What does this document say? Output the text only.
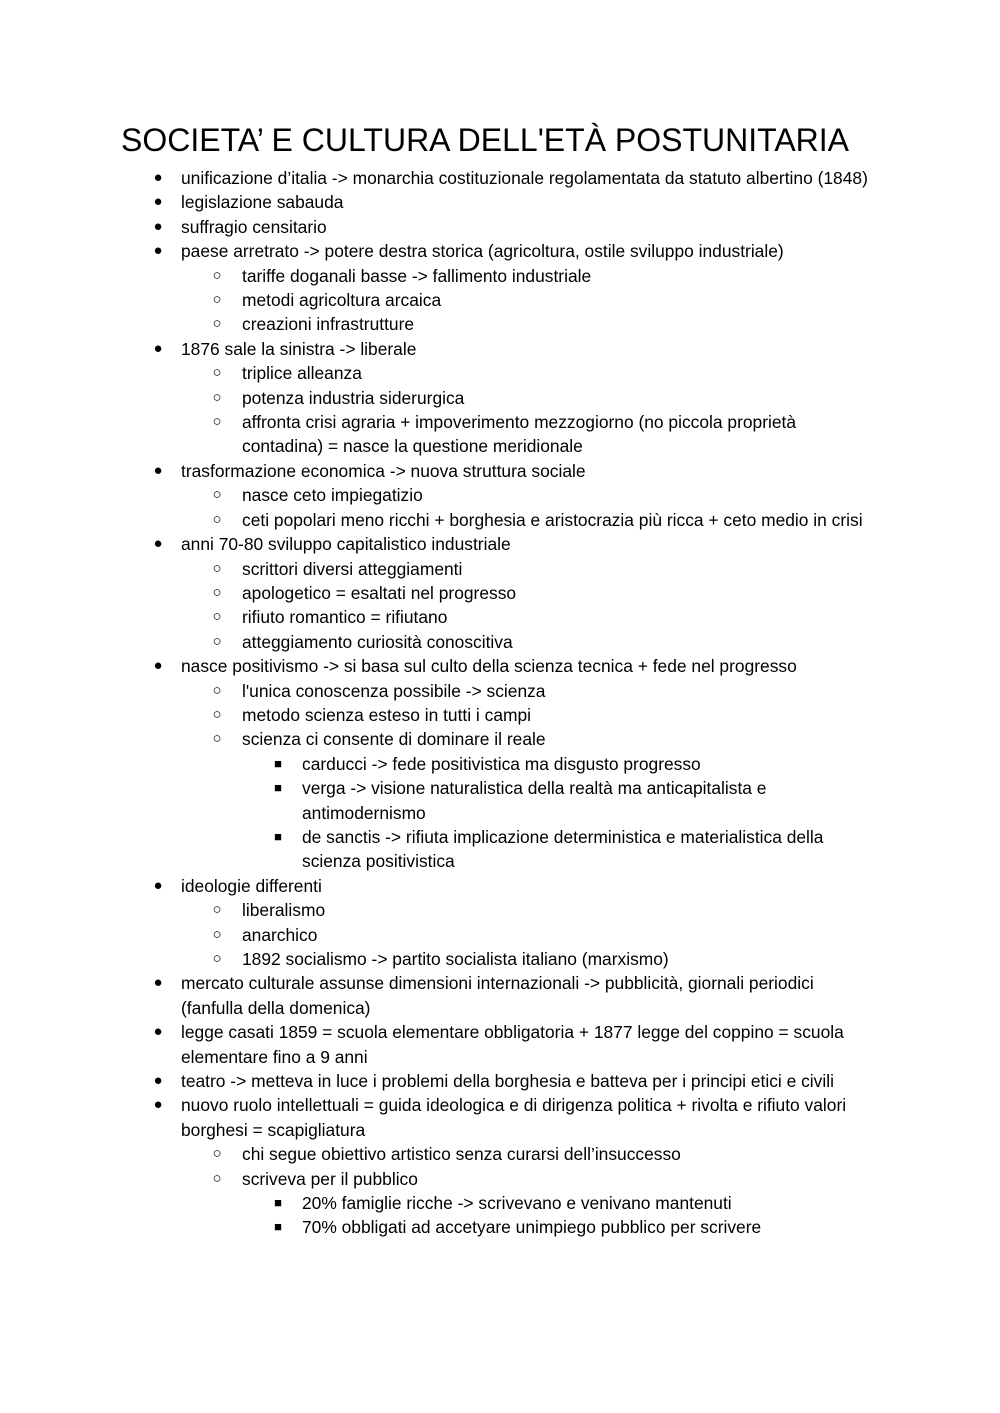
SOCIETA’ E CULTURA DELL'ETÀ POSTUNITARIA
●	unificazione d’italia -> monarchia costituzionale regolamentata da statuto albertino (1848)
●	legislazione sabauda
●	suffragio censitario
●	paese arretrato -> potere destra storica (agricoltura, ostile sviluppo industriale)
○	tariffe doganali basse -> fallimento industriale
○	metodi agricoltura arcaica
○	creazioni infrastrutture
●	1876 sale la sinistra -> liberale
○	triplice alleanza
○	potenza industria siderurgica
○	affronta crisi agraria + impoverimento mezzogiorno (no piccola proprietà contadina) = nasce la questione meridionale
●	trasformazione economica -> nuova struttura sociale
○	nasce ceto impiegatizio
○	ceti popolari meno ricchi + borghesia e aristocrazia più ricca + ceto medio in crisi
●	anni 70-80 sviluppo capitalistico industriale
○	scrittori diversi atteggiamenti
○	apologetico = esaltati nel progresso
○	rifiuto romantico = rifiutano
○	atteggiamento curiosità conoscitiva
●	nasce positivismo -> si basa sul culto della scienza tecnica + fede nel progresso
○	l'unica conoscenza possibile -> scienza
○	metodo scienza esteso in tutti i campi
○	scienza ci consente di dominare il reale
■	carducci -> fede positivistica ma disgusto progresso
■	verga -> visione naturalistica della realtà ma anticapitalista e antimodernismo
■	de sanctis -> rifiuta implicazione deterministica e materialistica della scienza positivistica
●	ideologie differenti
○	liberalismo
○	anarchico
○	1892 socialismo -> partito socialista italiano (marxismo)
●	mercato culturale assunse dimensioni internazionali -> pubblicità, giornali periodici (fanfulla della domenica)
●	legge casati 1859 = scuola elementare obbligatoria + 1877 legge del coppino = scuola elementare fino a 9 anni
●	teatro -> metteva in luce i problemi della borghesia e batteva per i principi etici e civili
●	nuovo ruolo intellettuali = guida ideologica e di dirigenza politica + rivolta e rifiuto valori borghesi = scapigliatura
○	chi segue obiettivo artistico senza curarsi dell’insuccesso
○	scriveva per il pubblico
■	20% famiglie ricche -> scrivevano e venivano mantenuti
■	70% obbligati ad accetyare unimpiego pubblico per scrivere
